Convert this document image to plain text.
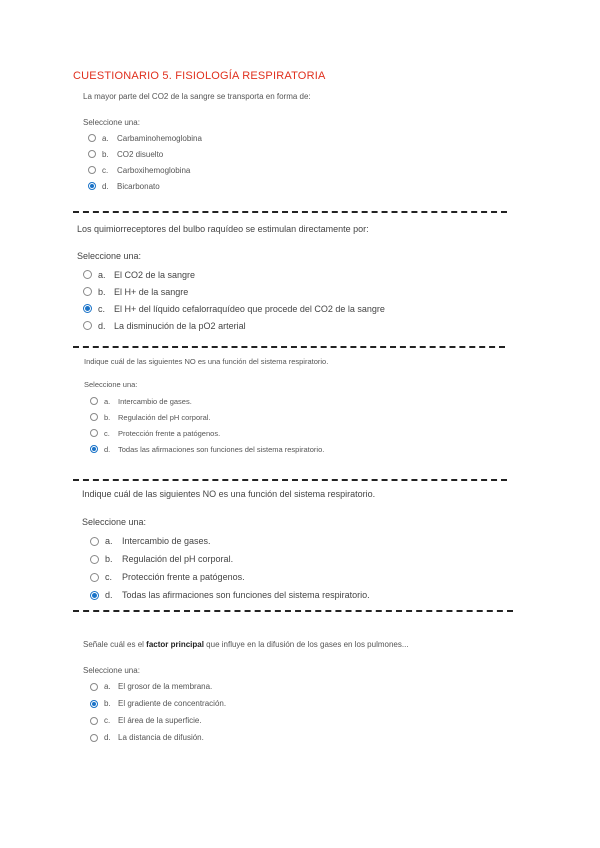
CUESTIONARIO 5. FISIOLOGÍA RESPIRATORIA

La mayor parte del CO2 de la sangre se transporta en forma de:

Seleccione una:

a.	Carbaminohemoglobina
b.	CO2 disuelto
c.	Carboxihemoglobina
d.	Bicarbonato

Los quimiorreceptores del bulbo raquídeo se estimulan directamente por:

Seleccione una:

a. El CO2 de la sangre
b. El H+ de la sangre
c. El H+ del líquido cefalorraquídeo que procede del CO2 de la sangre
d. La disminución de la pO2 arterial

Indique cuál de las siguientes NO es una función del sistema respiratorio.

Seleccione una:

a.	Intercambio de gases.
b.	Regulación del pH corporal.
c.	Protección frente a patógenos.
d.	Todas las afirmaciones son funciones del sistema respiratorio.

Indique cuál de las siguientes NO es una función del sistema respiratorio.

Seleccione una:

a.	Intercambio de gases.
b.	Regulación del pH corporal.
c.	Protección frente a patógenos.
d.	Todas las afirmaciones son funciones del sistema respiratorio.

Señale cuál es el factor principal que influye en la difusión de los gases en los pulmones...

Seleccione una:

a. El grosor de la membrana.
b. El gradiente de concentración.
c. El área de la superficie.
d. La distancia de difusión.
